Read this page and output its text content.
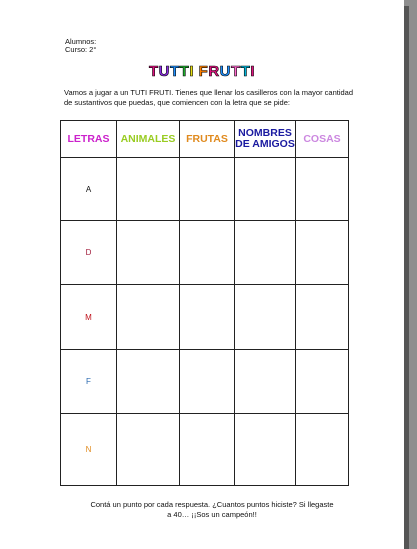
Alumnos:
Curso: 2°
TUTTI FRUTTI
Vamos a jugar a un TUTI FRUTI. Tienes que llenar los casilleros con la mayor cantidad de sustantivos que puedas, que comiencen con la letra que se pide:
LETRAS	ANIMALES	FRUTAS	NOMBRES DE AMIGOS	COSAS
A				
D				
M				
F				
N				
Contá un punto por cada respuesta. ¿Cuantos puntos hiciste? Si llegaste
a 40… ¡¡Sos un campeón!!
